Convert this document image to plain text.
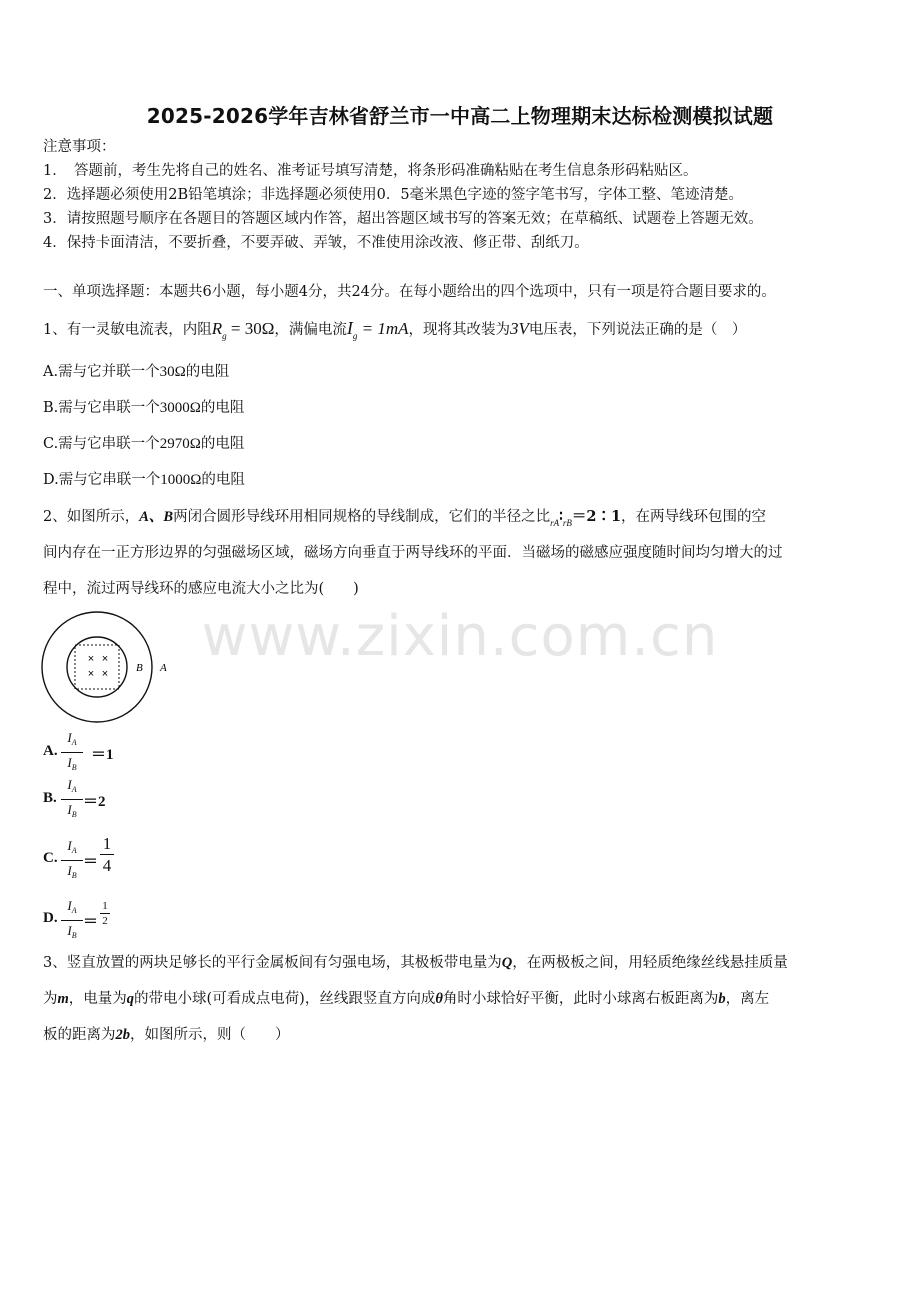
2025-2026学年吉林省舒兰市一中高二上物理期末达标检测模拟试题
www.zixin.com.cn
注意事项：
1．　答题前，考生先将自己的姓名、准考证号填写清楚，将条形码准确粘贴在考生信息条形码粘贴区。
2．选择题必须使用2B铅笔填涂；非选择题必须使用0．5毫米黑色字迹的签字笔书写，字体工整、笔迹清楚。
3．请按照题号顺序在各题目的答题区域内作答，超出答题区域书写的答案无效；在草稿纸、试题卷上答题无效。
4．保持卡面清洁，不要折叠，不要弄破、弄皱，不准使用涂改液、修正带、刮纸刀。
一、单项选择题：本题共6小题，每小题4分，共24分。在每小题给出的四个选项中，只有一项是符合题目要求的。
1、有一灵敏电流表，内阻$R_g = 30\Omega$，满偏电流$I_g = 1mA$，现将其改装为3V电压表，下列说法正确的是（　）
A.需与它并联一个30Ω的电阻
B.需与它串联一个3000Ω的电阻
C.需与它串联一个2970Ω的电阻
D.需与它串联一个1000Ω的电阻
2、如图所示，A、B两闭合圆形导线环用相同规格的导线制成，它们的半径之比$_{rA}∶_{rB}=2∶1$，在两导线环包围的空
间内存在一正方形边界的匀强磁场区域，磁场方向垂直于两导线环的平面．当磁场的磁感应强度随时间均匀增大的过
程中，流过两导线环的感应电流大小之比为(　　)
× ×
× ×	B A
A.
$I_A$
$I_B$
＝1
B.
$I_A$
$I_B$
＝2
C.
$I_A$
$I_B$
＝
1
4
D.
$I_A$
$I_B$
＝
1
2
3、竖直放置的两块足够长的平行金属板间有匀强电场，其极板带电量为Q，在两极板之间，用轻质绝缘丝线悬挂质量
为m，电量为q的带电小球(可看成点电荷)，丝线跟竖直方向成θ角时小球恰好平衡，此时小球离右板距离为b，离左
板的距离为2b，如图所示，则（　　）
